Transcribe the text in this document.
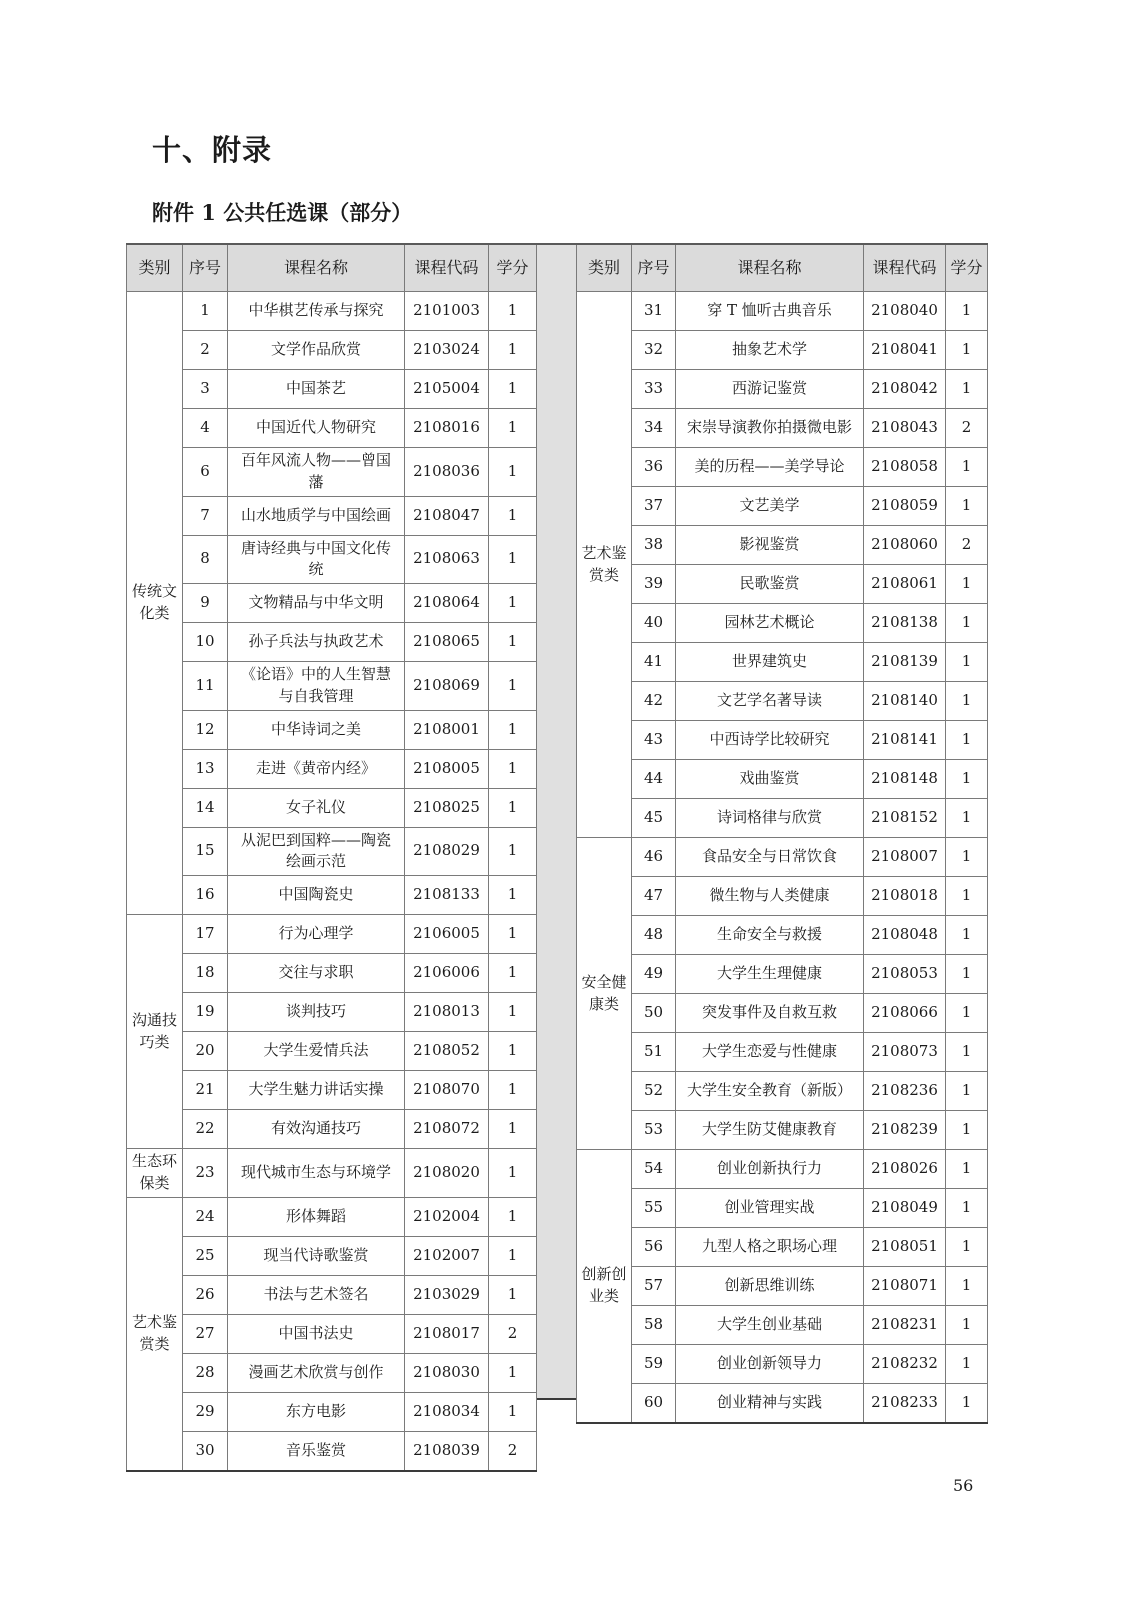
十、附录
附件 1 公共任选课（部分）
类别	序号	课程名称	课程代码	学分
传统文化类	1	中华棋艺传承与探究	2101003	1
	2	文学作品欣赏	2103024	1
	3	中国茶艺	2105004	1
	4	中国近代人物研究	2108016	1
	6	百年风流人物——曾国藩	2108036	1
	7	山水地质学与中国绘画	2108047	1
	8	唐诗经典与中国文化传统	2108063	1
	9	文物精品与中华文明	2108064	1
	10	孙子兵法与执政艺术	2108065	1
	11	《论语》中的人生智慧与自我管理	2108069	1
	12	中华诗词之美	2108001	1
	13	走进《黄帝内经》	2108005	1
	14	女子礼仪	2108025	1
	15	从泥巴到国粹——陶瓷绘画示范	2108029	1
	16	中国陶瓷史	2108133	1
沟通技巧类	17	行为心理学	2106005	1
	18	交往与求职	2106006	1
	19	谈判技巧	2108013	1
	20	大学生爱情兵法	2108052	1
	21	大学生魅力讲话实操	2108070	1
	22	有效沟通技巧	2108072	1
生态环保类	23	现代城市生态与环境学	2108020	1
艺术鉴赏类	24	形体舞蹈	2102004	1
	25	现当代诗歌鉴赏	2102007	1
	26	书法与艺术签名	2103029	1
	27	中国书法史	2108017	2
	28	漫画艺术欣赏与创作	2108030	1
	29	东方电影	2108034	1
	30	音乐鉴赏	2108039	2
类别	序号	课程名称	课程代码	学分
艺术鉴赏类	31	穿 T 恤听古典音乐	2108040	1
	32	抽象艺术学	2108041	1
	33	西游记鉴赏	2108042	1
	34	宋崇导演教你拍摄微电影	2108043	2
	36	美的历程——美学导论	2108058	1
	37	文艺美学	2108059	1
	38	影视鉴赏	2108060	2
	39	民歌鉴赏	2108061	1
	40	园林艺术概论	2108138	1
	41	世界建筑史	2108139	1
	42	文艺学名著导读	2108140	1
	43	中西诗学比较研究	2108141	1
	44	戏曲鉴赏	2108148	1
	45	诗词格律与欣赏	2108152	1
安全健康类	46	食品安全与日常饮食	2108007	1
	47	微生物与人类健康	2108018	1
	48	生命安全与救援	2108048	1
	49	大学生生理健康	2108053	1
	50	突发事件及自救互救	2108066	1
	51	大学生恋爱与性健康	2108073	1
	52	大学生安全教育（新版）	2108236	1
	53	大学生防艾健康教育	2108239	1
创新创业类	54	创业创新执行力	2108026	1
	55	创业管理实战	2108049	1
	56	九型人格之职场心理	2108051	1
	57	创新思维训练	2108071	1
	58	大学生创业基础	2108231	1
	59	创业创新领导力	2108232	1
	60	创业精神与实践	2108233	1
56
